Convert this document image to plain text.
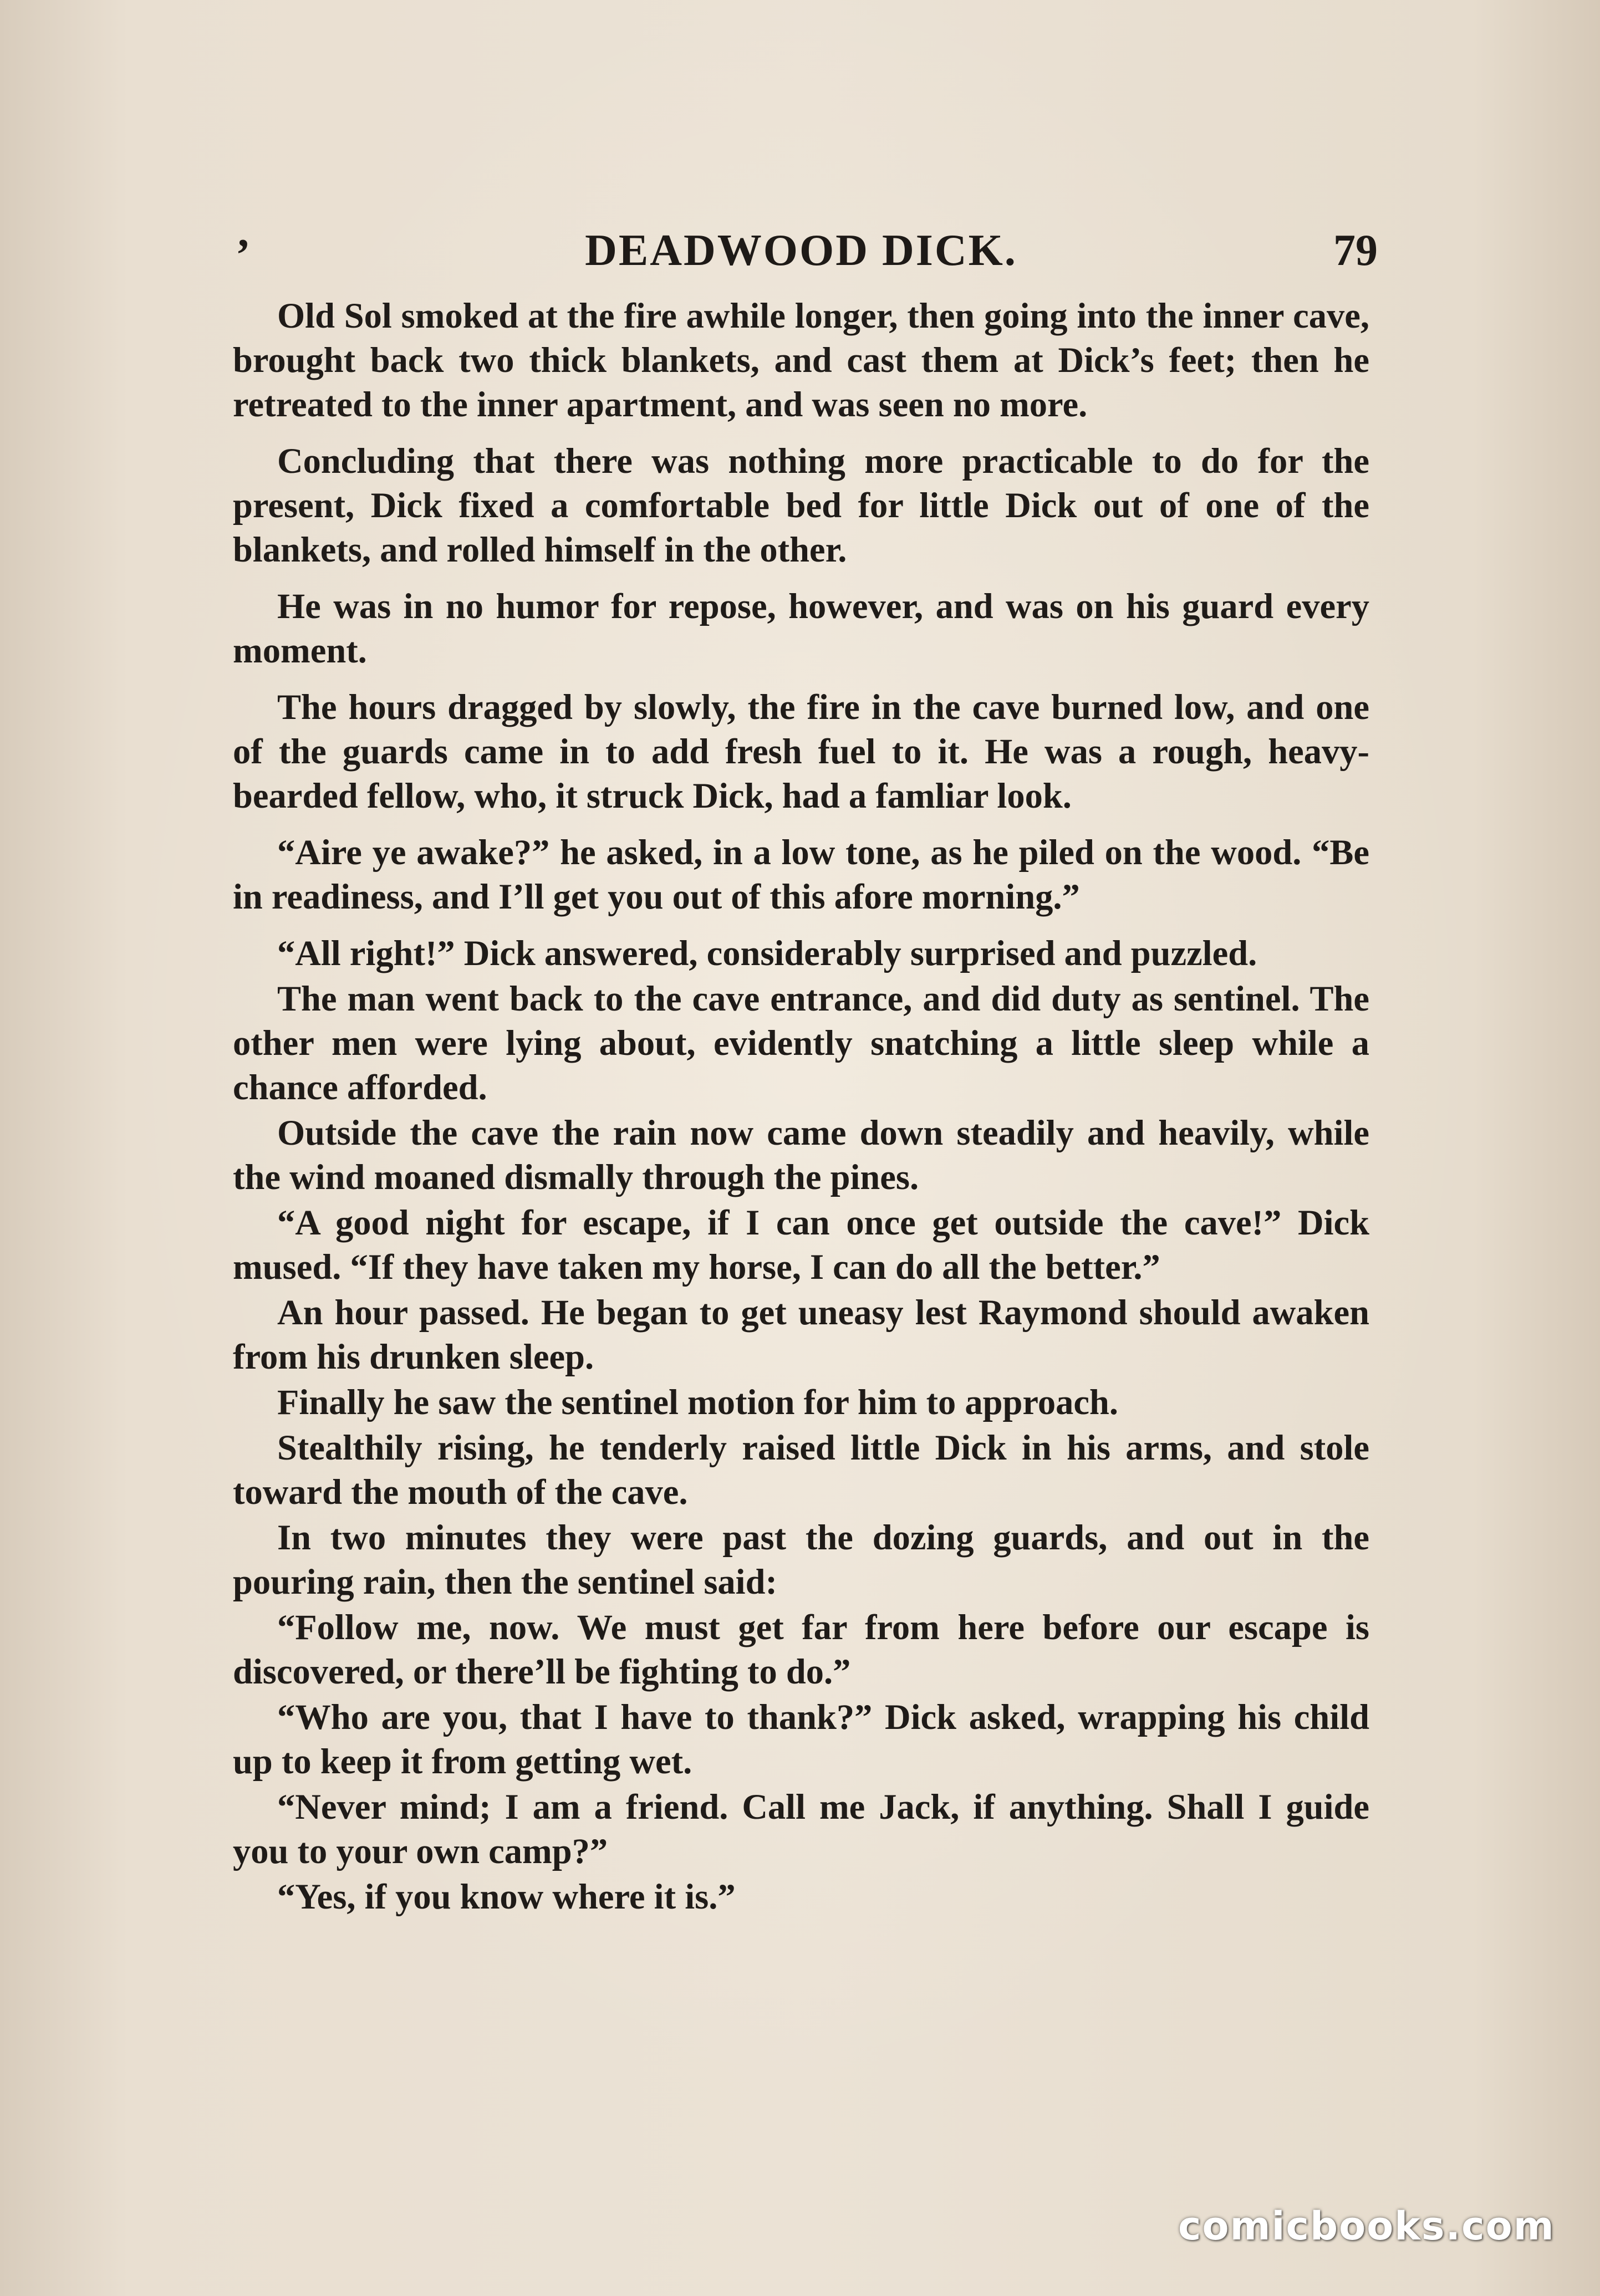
’	DEADWOOD DICK.	79

Old Sol smoked at the fire awhile longer, then going into the inner cave, brought back two thick blankets, and cast them at Dick’s feet; then he retreated to the inner apartment, and was seen no more.

Concluding that there was nothing more practicable to do for the present, Dick fixed a comfortable bed for little Dick out of one of the blankets, and rolled himself in the other.

He was in no humor for repose, however, and was on his guard every moment.

The hours dragged by slowly, the fire in the cave burned low, and one of the guards came in to add fresh fuel to it. He was a rough, heavy-bearded fellow, who, it struck Dick, had a famliar look.

“Aire ye awake?” he asked, in a low tone, as he piled on the wood. “Be in readiness, and I’ll get you out of this afore morning.”

“All right!” Dick answered, considerably surprised and puzzled.

The man went back to the cave entrance, and did duty as sentinel. The other men were lying about, evidently snatching a little sleep while a chance afforded.

Outside the cave the rain now came down steadily and heavily, while the wind moaned dismally through the pines.

“A good night for escape, if I can once get outside the cave!” Dick mused. “If they have taken my horse, I can do all the better.”

An hour passed. He began to get uneasy lest Raymond should awaken from his drunken sleep.

Finally he saw the sentinel motion for him to approach.

Stealthily rising, he tenderly raised little Dick in his arms, and stole toward the mouth of the cave.

In two minutes they were past the dozing guards, and out in the pouring rain, then the sentinel said:

“Follow me, now. We must get far from here before our escape is discovered, or there’ll be fighting to do.”

“Who are you, that I have to thank?” Dick asked, wrapping his child up to keep it from getting wet.

“Never mind; I am a friend. Call me Jack, if anything. Shall I guide you to your own camp?”

“Yes, if you know where it is.”

comicbooks.com
